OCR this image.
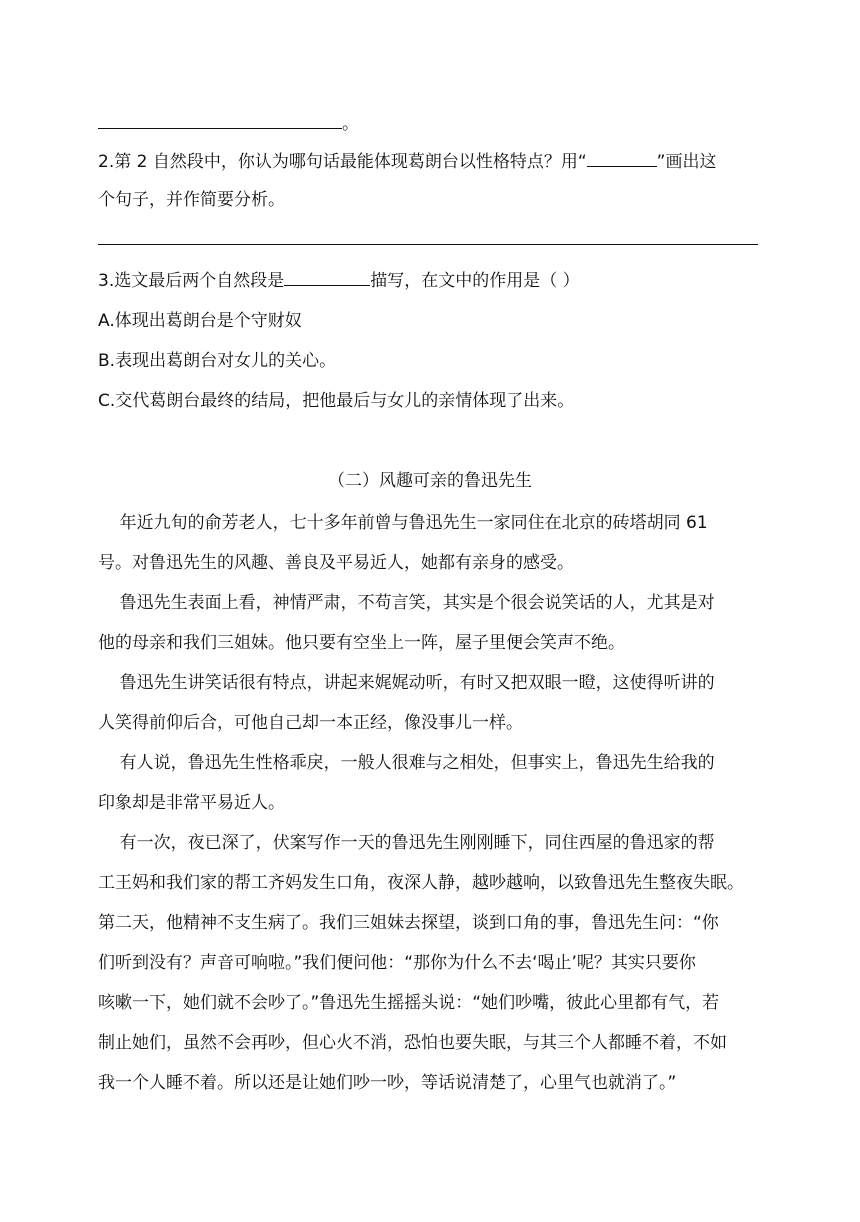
。
2.第 2 自然段中，你认为哪句话最能体现葛朗台以性格特点？用“	”画出这
个句子，并作简要分析。
3.选文最后两个自然段是	描写，在文中的作用是（ ）
A.体现出葛朗台是个守财奴
B.表现出葛朗台对女儿的关心。
C.交代葛朗台最终的结局，把他最后与女儿的亲情体现了出来。
（二）风趣可亲的鲁迅先生
年近九旬的俞芳老人，七十多年前曾与鲁迅先生一家同住在北京的砖塔胡同 61
号。对鲁迅先生的风趣、善良及平易近人，她都有亲身的感受。
鲁迅先生表面上看，神情严肃，不苟言笑，其实是个很会说笑话的人，尤其是对
他的母亲和我们三姐妹。他只要有空坐上一阵，屋子里便会笑声不绝。
鲁迅先生讲笑话很有特点，讲起来娓娓动听，有时又把双眼一瞪，这使得听讲的
人笑得前仰后合，可他自己却一本正经，像没事儿一样。
有人说，鲁迅先生性格乖戾，一般人很难与之相处，但事实上，鲁迅先生给我的
印象却是非常平易近人。
有一次，夜已深了，伏案写作一天的鲁迅先生刚刚睡下，同住西屋的鲁迅家的帮
工王妈和我们家的帮工齐妈发生口角，夜深人静，越吵越响，以致鲁迅先生整夜失眠。
第二天，他精神不支生病了。我们三姐妹去探望，谈到口角的事，鲁迅先生问：“你
们听到没有？声音可响啦。”我们便问他：“那你为什么不去‘喝止’呢？其实只要你
咳嗽一下，她们就不会吵了。”鲁迅先生摇摇头说：“她们吵嘴，彼此心里都有气，若
制止她们，虽然不会再吵，但心火不消，恐怕也要失眠，与其三个人都睡不着，不如
我一个人睡不着。所以还是让她们吵一吵，等话说清楚了，心里气也就消了。”
